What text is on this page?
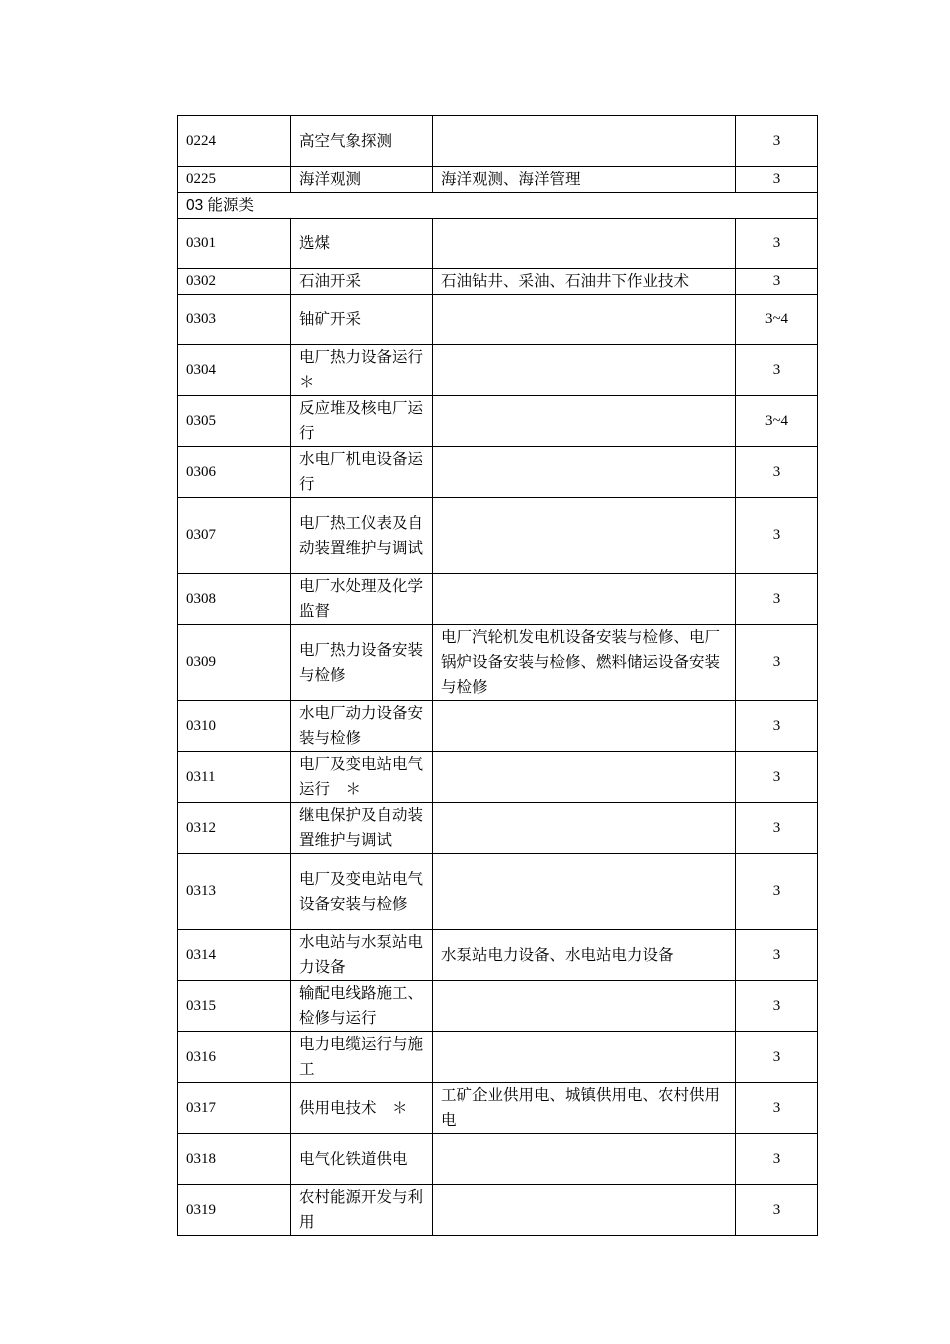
0224	高空气象探测		3
0225	海洋观测	海洋观测、海洋管理	3
03 能源类			
0301	选煤		3
0302	石油开采	石油钻井、采油、石油井下作业技术	3
0303	铀矿开采		3~4
0304	电厂热力设备运行　＊		3
0305	反应堆及核电厂运行		3~4
0306	水电厂机电设备运行		3
0307	电厂热工仪表及自动装置维护与调试		3
0308	电厂水处理及化学监督		3
0309	电厂热力设备安装与检修	电厂汽轮机发电机设备安装与检修、电厂锅炉设备安装与检修、燃料储运设备安装与检修	3
0310	水电厂动力设备安装与检修		3
0311	电厂及变电站电气运行　＊		3
0312	继电保护及自动装置维护与调试		3
0313	电厂及变电站电气设备安装与检修		3
0314	水电站与水泵站电力设备	水泵站电力设备、水电站电力设备	3
0315	输配电线路施工、检修与运行		3
0316	电力电缆运行与施工		3
0317	供用电技术　＊	工矿企业供用电、城镇供用电、农村供用电	3
0318	电气化铁道供电		3
0319	农村能源开发与利用		3
